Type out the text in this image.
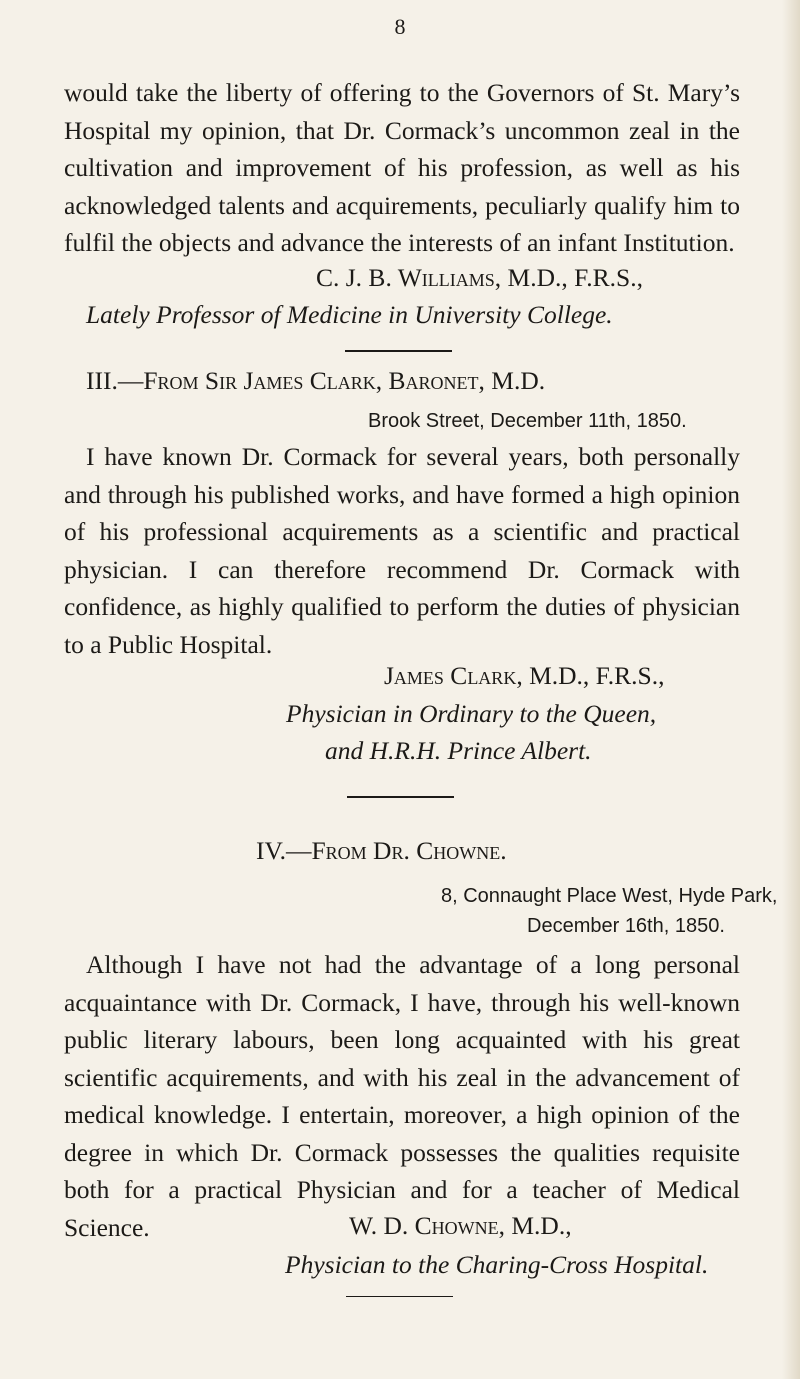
8

would take the liberty of offering to the Governors of St. Mary’s Hospital my opinion, that Dr. Cormack’s uncommon zeal in the cultivation and improvement of his profession, as well as his acknowledged talents and acquirements, peculiarly qualify him to fulfil the objects and advance the interests of an infant Institution.

C. J. B. Williams, M.D., F.R.S.,
Lately Professor of Medicine in University College.
III.—From Sir James Clark, Baronet, M.D.
Brook Street, December 11th, 1850.

I have known Dr. Cormack for several years, both personally and through his published works, and have formed a high opinion of his professional acquirements as a scientific and practical physician. I can therefore recommend Dr. Cormack with confidence, as highly qualified to perform the duties of physician to a Public Hospital.

James Clark, M.D., F.R.S.,
Physician in Ordinary to the Queen,
and H.R.H. Prince Albert.
IV.—From Dr. Chowne.
8, Connaught Place West, Hyde Park,
December 16th, 1850.

Although I have not had the advantage of a long personal acquaintance with Dr. Cormack, I have, through his well-known public literary labours, been long acquainted with his great scientific acquirements, and with his zeal in the advancement of medical knowledge. I entertain, moreover, a high opinion of the degree in which Dr. Cormack possesses the qualities requisite both for a practical Physician and for a teacher of Medical Science.	W. D. Chowne, M.D.,
Physician to the Charing-Cross Hospital.
